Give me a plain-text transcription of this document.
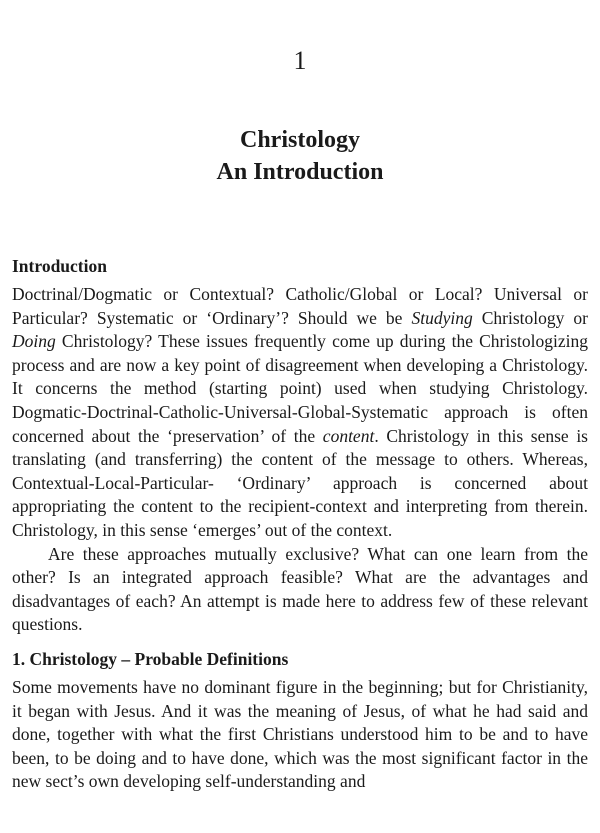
1
Christology
An Introduction
Introduction

Doctrinal/Dogmatic or Contextual? Catholic/Global or Local? Universal or Particular? Systematic or ‘Ordinary’? Should we be Studying Christology or Doing Christology? These issues frequently come up during the Christologizing process and are now a key point of disagreement when developing a Christology. It concerns the method (starting point) used when studying Christology. Dogmatic-Doctrinal-Catholic-Universal-Global-Systematic approach is often concerned about the ‘preservation’ of the content. Christology in this sense is translating (and transferring) the content of the message to others. Whereas, Contextual-Local-Particular- ‘Ordinary’ approach is concerned about appropriating the content to the recipient-context and interpreting from therein. Christology, in this sense ‘emerges’ out of the context.

Are these approaches mutually exclusive? What can one learn from the other? Is an integrated approach feasible? What are the advantages and disadvantages of each? An attempt is made here to address few of these relevant questions.

1. Christology – Probable Definitions

Some movements have no dominant figure in the beginning; but for Christianity, it began with Jesus. And it was the meaning of Jesus, of what he had said and done, together with what the first Christians understood him to be and to have been, to be doing and to have done, which was the most significant factor in the new sect’s own developing self-understanding and
